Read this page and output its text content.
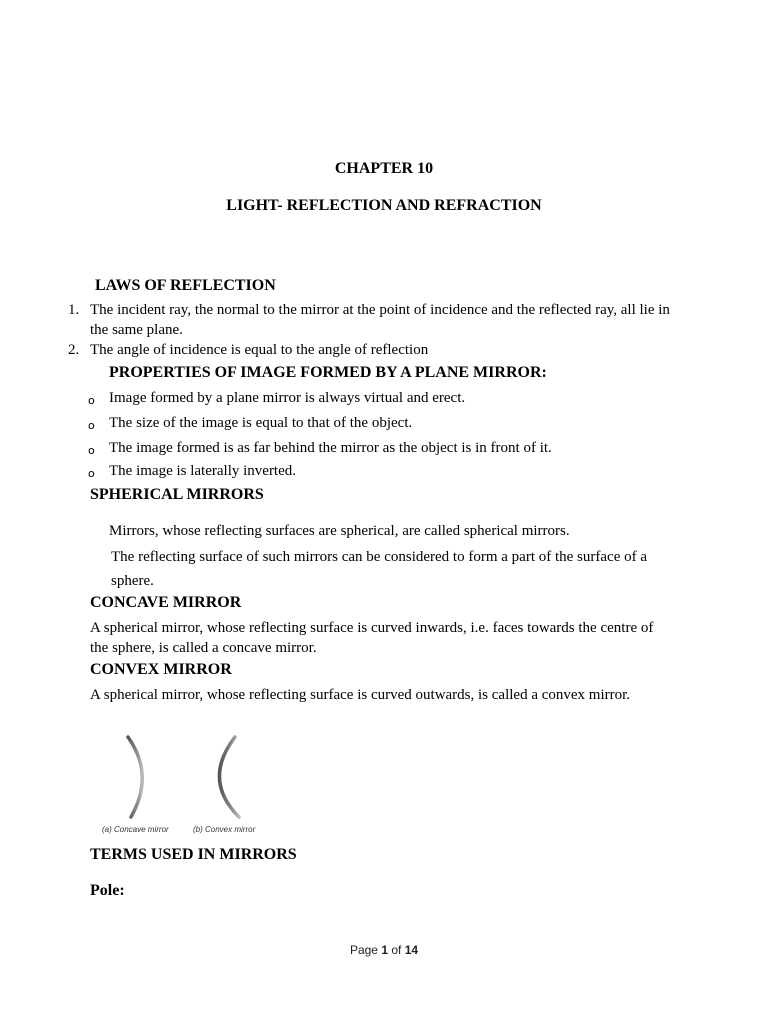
CHAPTER 10
LIGHT- REFLECTION AND REFRACTION
LAWS OF REFLECTION
1. The incident ray, the normal to the mirror at the point of incidence and the reflected ray, all lie in the same plane.
2. The angle of incidence is equal to the angle of reflection
PROPERTIES OF IMAGE FORMED BY A PLANE MIRROR:
o Image formed by a plane mirror is always virtual and erect.
o The size of the image is equal to that of the object.
o The image formed is as far behind the mirror as the object is in front of it.
o The image is laterally inverted.
SPHERICAL MIRRORS

Mirrors, whose reflecting surfaces are spherical, are called spherical mirrors.

The reflecting surface of such mirrors can be considered to form a part of the surface of a sphere.

CONCAVE MIRROR

A spherical mirror, whose reflecting surface is curved inwards, i.e. faces towards the centre of the sphere, is called a concave mirror.

CONVEX MIRROR

A spherical mirror, whose reflecting surface is curved outwards, is called a convex mirror.

(a) Concave mirror	(b) Convex mirror
TERMS USED IN MIRRORS
Pole:
Page 1 of 14
